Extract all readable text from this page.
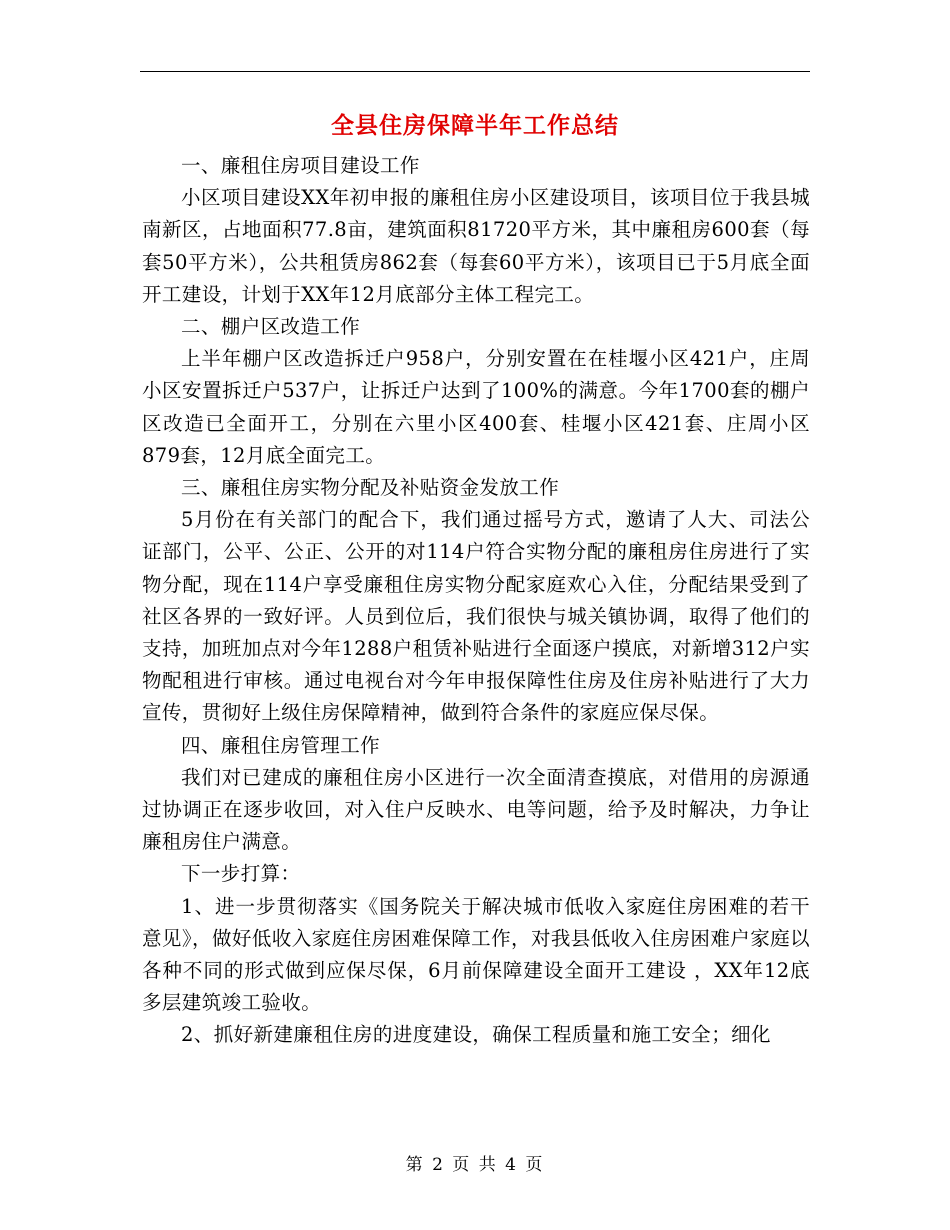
全县住房保障半年工作总结

一、廉租住房项目建设工作

小区项目建设XX年初申报的廉租住房小区建设项目，该项目位于我县城南新区，占地面积77.8亩，建筑面积81720平方米，其中廉租房600套（每套50平方米），公共租赁房862套（每套60平方米），该项目已于5月底全面开工建设，计划于XX年12月底部分主体工程完工。

二、棚户区改造工作

上半年棚户区改造拆迁户958户，分别安置在在桂堰小区421户，庄周小区安置拆迁户537户，让拆迁户达到了100%的满意。今年1700套的棚户区改造已全面开工，分别在六里小区400套、桂堰小区421套、庄周小区879套，12月底全面完工。

三、廉租住房实物分配及补贴资金发放工作

5月份在有关部门的配合下，我们通过摇号方式，邀请了人大、司法公证部门，公平、公正、公开的对114户符合实物分配的廉租房住房进行了实物分配，现在114户享受廉租住房实物分配家庭欢心入住，分配结果受到了社区各界的一致好评。人员到位后，我们很快与城关镇协调，取得了他们的支持，加班加点对今年1288户租赁补贴进行全面逐户摸底，对新增312户实物配租进行审核。通过电视台对今年申报保障性住房及住房补贴进行了大力宣传，贯彻好上级住房保障精神，做到符合条件的家庭应保尽保。

四、廉租住房管理工作

我们对已建成的廉租住房小区进行一次全面清查摸底，对借用的房源通过协调正在逐步收回，对入住户反映水、电等问题，给予及时解决，力争让廉租房住户满意。

下一步打算：

1、进一步贯彻落实《国务院关于解决城市低收入家庭住房困难的若干意见》，做好低收入家庭住房困难保障工作，对我县低收入住房困难户家庭以各种不同的形式做到应保尽保，6月前保障建设全面开工建设 ，XX年12底多层建筑竣工验收。

2、抓好新建廉租住房的进度建设，确保工程质量和施工安全；细化

第 2 页 共 4 页
